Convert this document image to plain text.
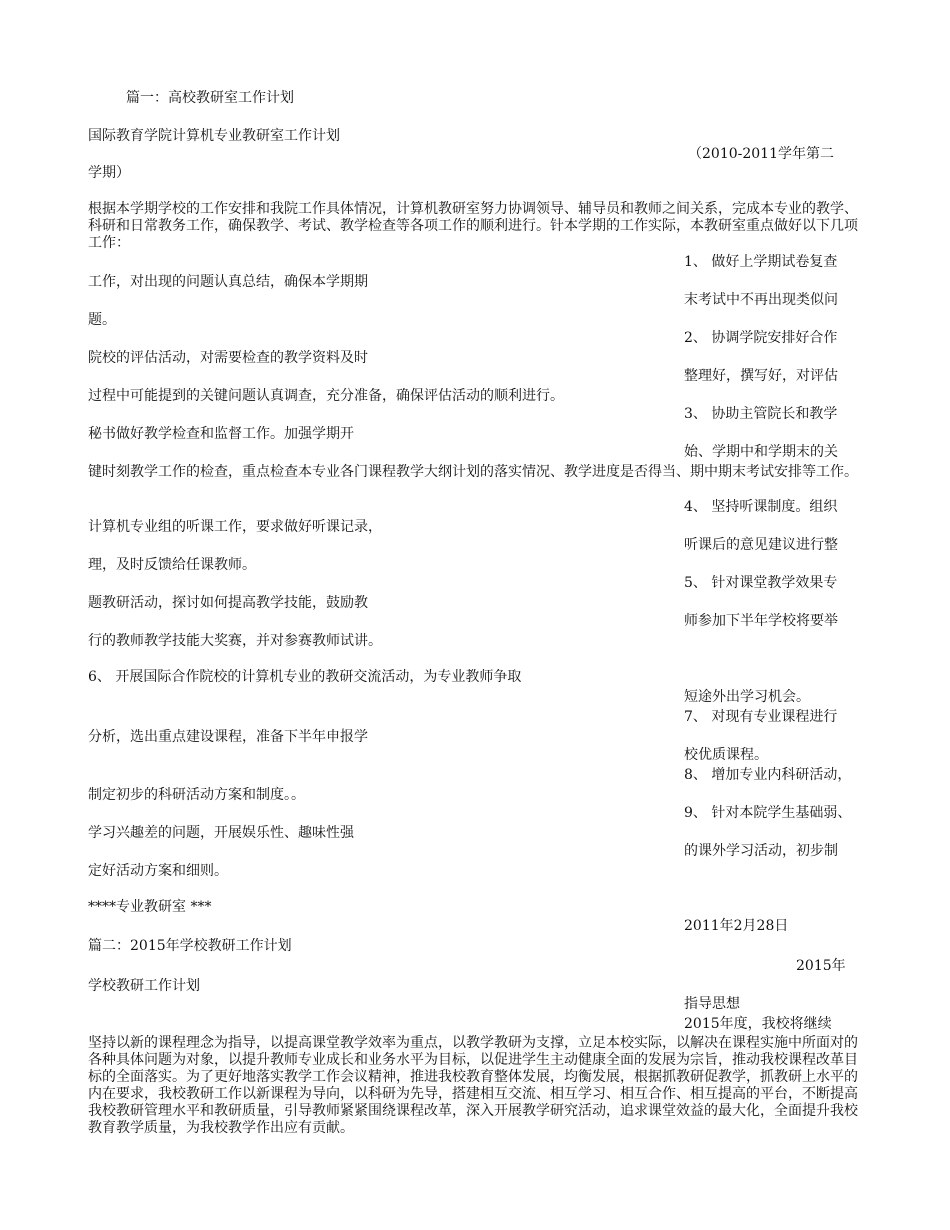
篇一：高校教研室工作计划
国际教育学院计算机专业教研室工作计划
（2010-2011学年第二
学期）
1、 做好上学期试卷复查
工作，对出现的问题认真总结，确保本学期期
末考试中不再出现类似问
题。
2、 协调学院安排好合作
院校的评估活动，对需要检查的教学资料及时
整理好，撰写好，对评估
过程中可能提到的关键问题认真调查，充分准备，确保评估活动的顺利进行。
3、 协助主管院长和教学
秘书做好教学检查和监督工作。加强学期开
始、学期中和学期末的关
4、 坚持听课制度。组织
计算机专业组的听课工作，要求做好听课记录，
听课后的意见建议进行整
理，及时反馈给任课教师。
5、 针对课堂教学效果专
题教研活动，探讨如何提高教学技能，鼓励教
师参加下半年学校将要举
行的教师教学技能大奖赛，并对参赛教师试讲。
6、 开展国际合作院校的计算机专业的教研交流活动，为专业教师争取
短途外出学习机会。
7、 对现有专业课程进行
分析，选出重点建设课程，准备下半年申报学
校优质课程。
8、 增加专业内科研活动，
制定初步的科研活动方案和制度。。
9、 针对本院学生基础弱、
学习兴趣差的问题，开展娱乐性、趣味性强
的课外学习活动，初步制
定好活动方案和细则。
****专业教研室 ***
2011年2月28日
篇二：2015年学校教研工作计划
2015年
学校教研工作计划
指导思想
2015年度，我校将继续
根据本学期学校的工作安排和我院工作具体情况，计算机教研室努力协调领导、辅导员和教师之间关系，完成本专业的教学、科研和日常教务工作，确保教学、考试、教学检查等各项工作的顺利进行。针本学期的工作实际，本教研室重点做好以下几项工作：
键时刻教学工作的检查，重点检查本专业各门课程教学大纲计划的落实情况、教学进度是否得当、期中期末考试安排等工作。
坚持以新的课程理念为指导，以提高课堂教学效率为重点，以教学教研为支撑，立足本校实际，以解决在课程实施中所面对的各种具体问题为对象，以提升教师专业成长和业务水平为目标，以促进学生主动健康全面的发展为宗旨，推动我校课程改革目标的全面落实。为了更好地落实教学工作会议精神，推进我校教育整体发展，均衡发展，根据抓教研促教学，抓教研上水平的内在要求，我校教研工作以新课程为导向，以科研为先导，搭建相互交流、相互学习、相互合作、相互提高的平台，不断提高我校教研管理水平和教研质量，引导教师紧紧围绕课程改革，深入开展教学研究活动，追求课堂效益的最大化，全面提升我校教育教学质量，为我校教学作出应有贡献。
